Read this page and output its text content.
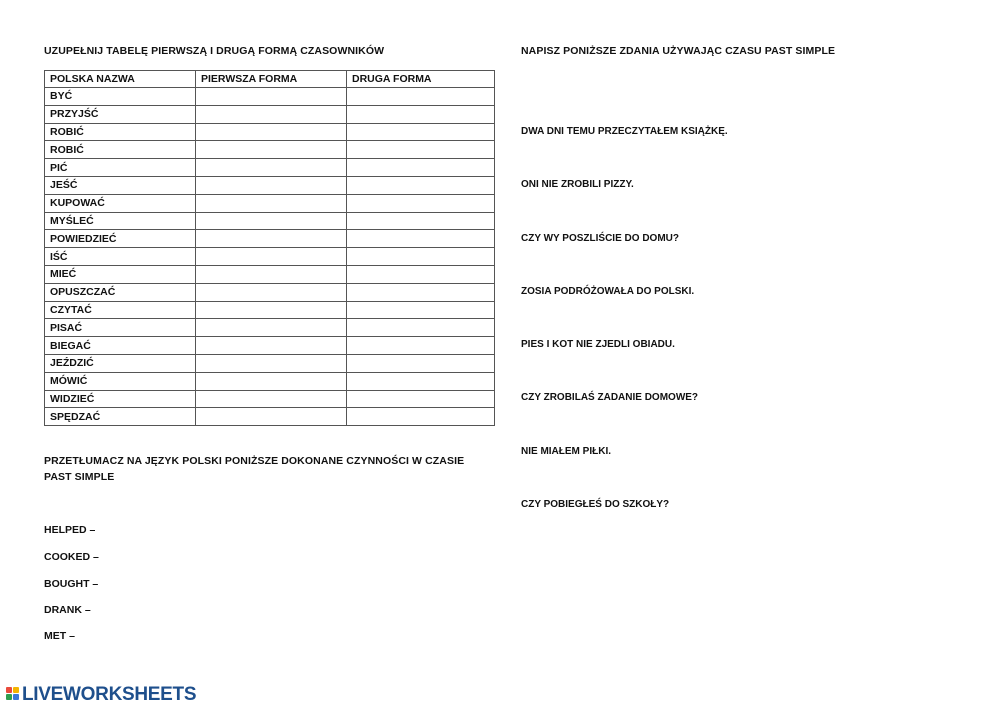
UZUPEŁNIJ TABELĘ PIERWSZĄ I DRUGĄ FORMĄ CZASOWNIKÓW
POLSKA NAZWA	PIERWSZA FORMA	DRUGA FORMA
BYĆ		
PRZYJŚĆ		
ROBIĆ		
ROBIĆ		
PIĆ		
JEŚĆ		
KUPOWAĆ		
MYŚLEĆ		
POWIEDZIEĆ		
IŚĆ		
MIEĆ		
OPUSZCZAĆ		
CZYTAĆ		
PISAĆ		
BIEGAĆ		
JEŹDZIĆ		
MÓWIĆ		
WIDZIEĆ		
SPĘDZAĆ		
PRZETŁUMACZ NA JĘZYK POLSKI PONIŻSZE DOKONANE CZYNNOŚCI W CZASIE
PAST SIMPLE
HELPED –
COOKED –
BOUGHT –
DRANK –
MET –
NAPISZ PONIŻSZE ZDANIA UŻYWAJĄC CZASU PAST SIMPLE
DWA DNI TEMU PRZECZYTAŁEM KSIĄŻKĘ.
ONI NIE ZROBILI PIZZY.
CZY WY POSZLIŚCIE DO DOMU?
ZOSIA PODRÓŻOWAŁA DO POLSKI.
PIES I KOT NIE ZJEDLI OBIADU.
CZY ZROBILAŚ ZADANIE DOMOWE?
NIE MIAŁEM PIŁKI.
CZY POBIEGŁEŚ DO SZKOŁY?
LIVEWORKSHEETS
